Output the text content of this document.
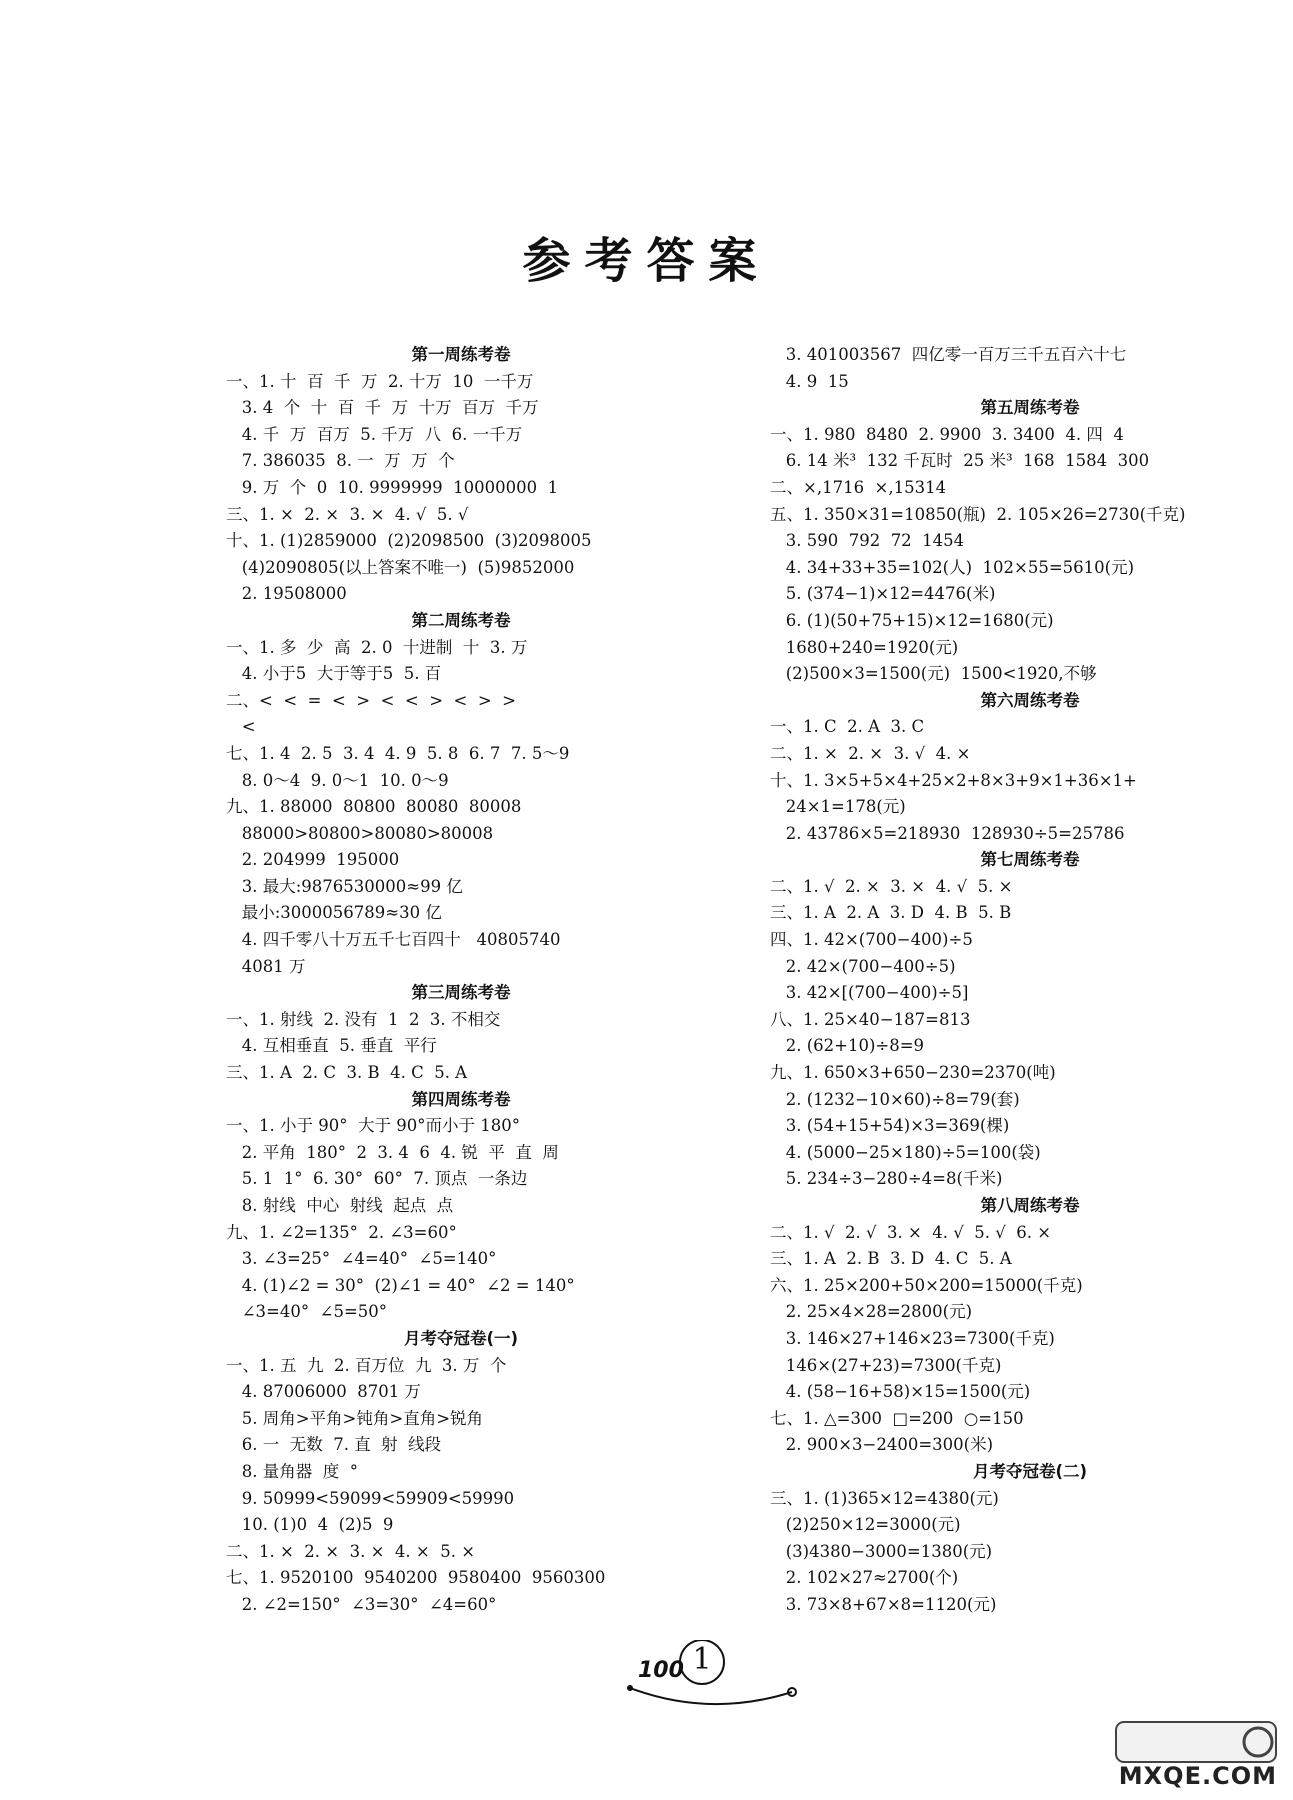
参考答案
第一周练考卷
一、1. 十  百  千  万  2. 十万  10  一千万
3. 4  个  十  百  千  万  十万  百万  千万
4. 千  万  百万  5. 千万  八  6. 一千万
7. 386035  8. 一  万  万  个
9. 万  个  0  10. 9999999  10000000  1
三、1. ×  2. ×  3. ×  4. √  5. √
十、1. (1)2859000  (2)2098500  (3)2098005
(4)2090805(以上答案不唯一)  (5)9852000
2. 19508000
第二周练考卷
一、1. 多  少  高  2. 0  十进制  十  3. 万
4. 小于5  大于等于5  5. 百
二、<  <  =  <  >  <  <  >  <  >  >
<
七、1. 4  2. 5  3. 4  4. 9  5. 8  6. 7  7. 5～9
8. 0～4  9. 0～1  10. 0～9
九、1. 88000  80800  80080  80008
88000>80800>80080>80008
2. 204999  195000
3. 最大:9876530000≈99 亿
最小:3000056789≈30 亿
4. 四千零八十万五千七百四十   40805740
4081 万
第三周练考卷
一、1. 射线  2. 没有  1  2  3. 不相交
4. 互相垂直  5. 垂直  平行
三、1. A  2. C  3. B  4. C  5. A
第四周练考卷
一、1. 小于 90°  大于 90°而小于 180°
2. 平角  180°  2  3. 4  6  4. 锐  平  直  周
5. 1  1°  6. 30°  60°  7. 顶点  一条边
8. 射线  中心  射线  起点  点
九、1. ∠2=135°  2. ∠3=60°
3. ∠3=25°  ∠4=40°  ∠5=140°
4. (1)∠2 = 30°  (2)∠1 = 40°  ∠2 = 140°
∠3=40°  ∠5=50°
月考夺冠卷(一)
一、1. 五  九  2. 百万位  九  3. 万  个
4. 87006000  8701 万
5. 周角>平角>钝角>直角>锐角
6. 一  无数  7. 直  射  线段
8. 量角器  度  °
9. 50999<59099<59909<59990
10. (1)0  4  (2)5  9
二、1. ×  2. ×  3. ×  4. ×  5. ×
七、1. 9520100  9540200  9580400  9560300
2. ∠2=150°  ∠3=30°  ∠4=60°
3. 401003567  四亿零一百万三千五百六十七
4. 9  15
第五周练考卷
一、1. 980  8480  2. 9900  3. 3400  4. 四  4
6. 14 米³  132 千瓦时  25 米³  168  1584  300
二、×,1716  ×,15314
五、1. 350×31=10850(瓶)  2. 105×26=2730(千克)
3. 590  792  72  1454
4. 34+33+35=102(人)  102×55=5610(元)
5. (374−1)×12=4476(米)
6. (1)(50+75+15)×12=1680(元)
1680+240=1920(元)
(2)500×3=1500(元)  1500<1920,不够
第六周练考卷
一、1. C  2. A  3. C
二、1. ×  2. ×  3. √  4. ×
十、1. 3×5+5×4+25×2+8×3+9×1+36×1+
24×1=178(元)
2. 43786×5=218930  128930÷5=25786
第七周练考卷
二、1. √  2. ×  3. ×  4. √  5. ×
三、1. A  2. A  3. D  4. B  5. B
四、1. 42×(700−400)÷5
2. 42×(700−400÷5)
3. 42×[(700−400)÷5]
八、1. 25×40−187=813
2. (62+10)÷8=9
九、1. 650×3+650−230=2370(吨)
2. (1232−10×60)÷8=79(套)
3. (54+15+54)×3=369(棵)
4. (5000−25×180)÷5=100(袋)
5. 234÷3−280÷4=8(千米)
第八周练考卷
二、1. √  2. √  3. ×  4. √  5. √  6. ×
三、1. A  2. B  3. D  4. C  5. A
六、1. 25×200+50×200=15000(千克)
2. 25×4×28=2800(元)
3. 146×27+146×23=7300(千克)
146×(27+23)=7300(千克)
4. (58−16+58)×15=1500(元)
七、1. △=300  □=200  ○=150
2. 900×3−2400=300(米)
月考夺冠卷(二)
三、1. (1)365×12=4380(元)
(2)250×12=3000(元)
(3)4380−3000=1380(元)
2. 102×27≈2700(个)
3. 73×8+67×8=1120(元)
100 1
MXQE.COM
